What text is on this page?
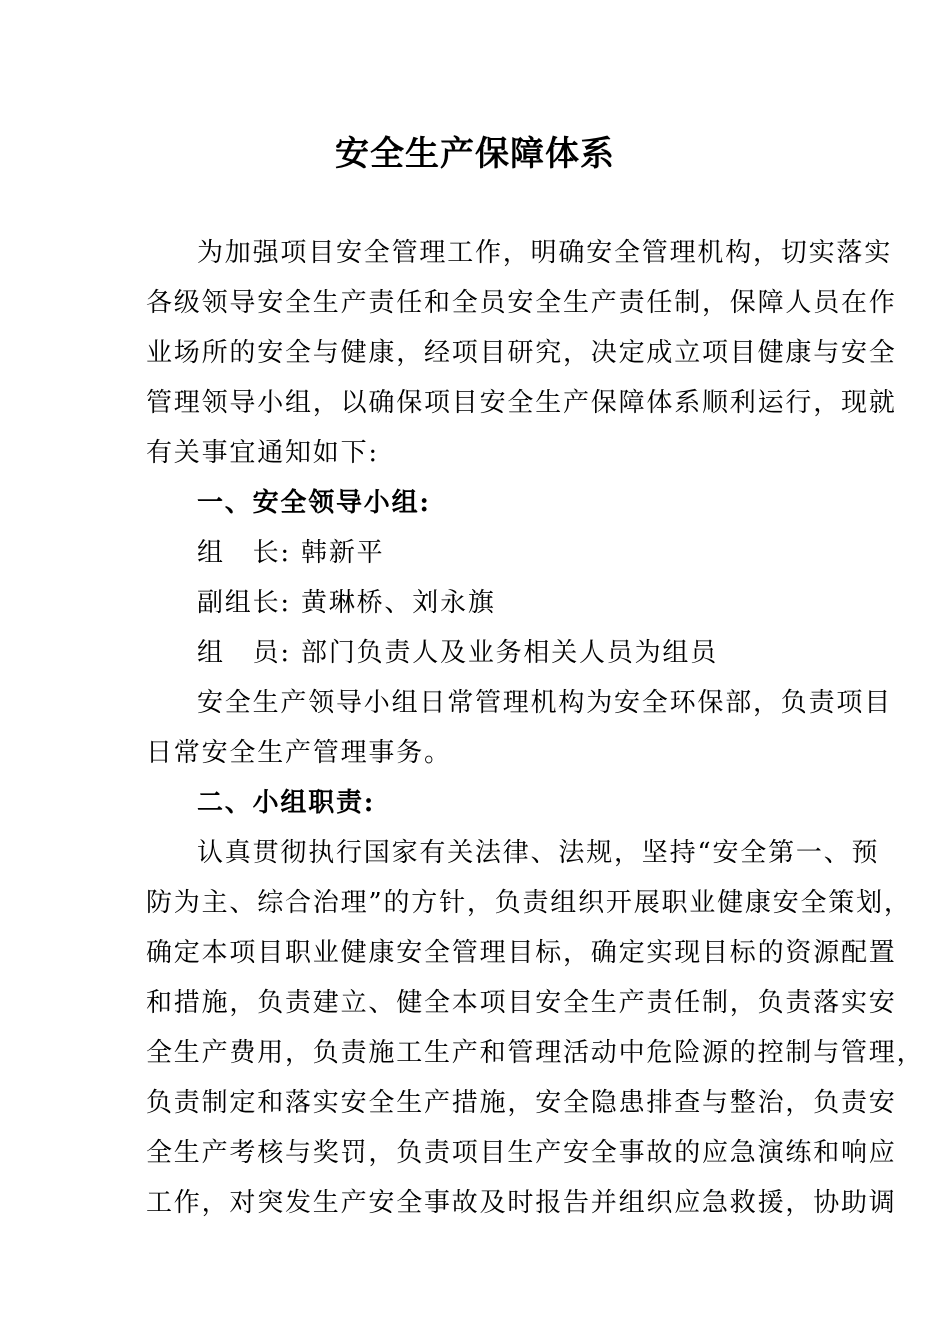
安全生产保障体系
为加强项目安全管理工作，明确安全管理机构，切实落实
各级领导安全生产责任和全员安全生产责任制，保障人员在作
业场所的安全与健康，经项目研究，决定成立项目健康与安全
管理领导小组，以确保项目安全生产保障体系顺利运行，现就
有关事宜通知如下:
一、安全领导小组:
组　长: 韩新平
副组长: 黄琳桥、刘永旗
组　员: 部门负责人及业务相关人员为组员
安全生产领导小组日常管理机构为安全环保部，负责项目
日常安全生产管理事务。
二、小组职责:
认真贯彻执行国家有关法律、法规，坚持“安全第一、预
防为主、综合治理”的方针，负责组织开展职业健康安全策划，
确定本项目职业健康安全管理目标，确定实现目标的资源配置
和措施，负责建立、健全本项目安全生产责任制，负责落实安
全生产费用，负责施工生产和管理活动中危险源的控制与管理，
负责制定和落实安全生产措施，安全隐患排查与整治，负责安
全生产考核与奖罚，负责项目生产安全事故的应急演练和响应
工作，对突发生产安全事故及时报告并组织应急救援，协助调
